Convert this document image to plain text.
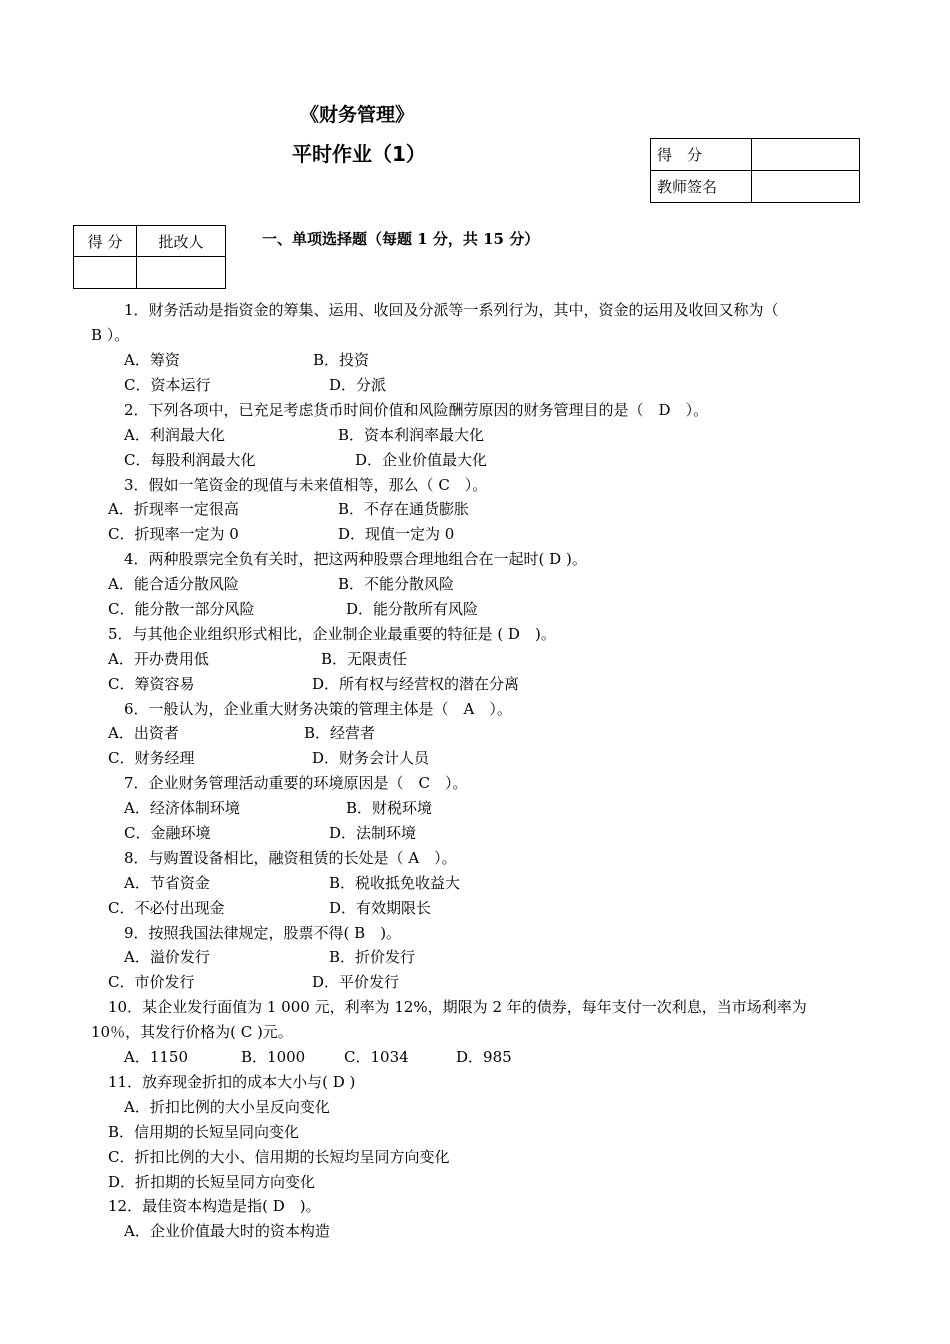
《财务管理》
平时作业（1）	得　分	
教师签名	
得 分	批改人
		一、单项选择题（每题 1 分，共 15 分）
1．财务活动是指资金的筹集、运用、收回及分派等一系列行为，其中，资金的运用及收回又称为（
B ）。
A．筹资	B．投资
C．资本运行	D．分派
2．下列各项中，已充足考虑货币时间价值和风险酬劳原因的财务管理目的是（　D　）。
A．利润最大化	B．资本利润率最大化
C．每股利润最大化	D．企业价值最大化
3．假如一笔资金的现值与未来值相等，那么（ C　）。
A．折现率一定很高	B．不存在通货膨胀
C．折现率一定为 0	D．现值一定为 0
4．两种股票完全负有关时，把这两种股票合理地组合在一起时( D )。
A．能合适分散风险	B．不能分散风险
C．能分散一部分风险	D．能分散所有风险
5．与其他企业组织形式相比，企业制企业最重要的特征是 ( D　)。
A．开办费用低	B．无限责任
C．筹资容易	D．所有权与经营权的潜在分离
6．一般认为，企业重大财务决策的管理主体是（　A　）。
A．出资者	B．经营者
C．财务经理	D．财务会计人员
7．企业财务管理活动重要的环境原因是（　C　）。
A．经济体制环境	B．财税环境
C．金融环境	D．法制环境
8．与购置设备相比，融资租赁的长处是（ A　）。
A．节省资金	B．税收抵免收益大
C．不必付出现金	D．有效期限长
9．按照我国法律规定，股票不得( B　)。
A．溢价发行	B．折价发行
C．市价发行	D．平价发行
10．某企业发行面值为 1 000 元，利率为 12%，期限为 2 年的债券，每年支付一次利息，当市场利率为
10％，其发行价格为( C )元。
A．1150	B．1000	C．1034	D．985
11．放弃现金折扣的成本大小与( D )
A．折扣比例的大小呈反向变化
B．信用期的长短呈同向变化
C．折扣比例的大小、信用期的长短均呈同方向变化
D．折扣期的长短呈同方向变化
12．最佳资本构造是指( D　)。
A．企业价值最大时的资本构造
